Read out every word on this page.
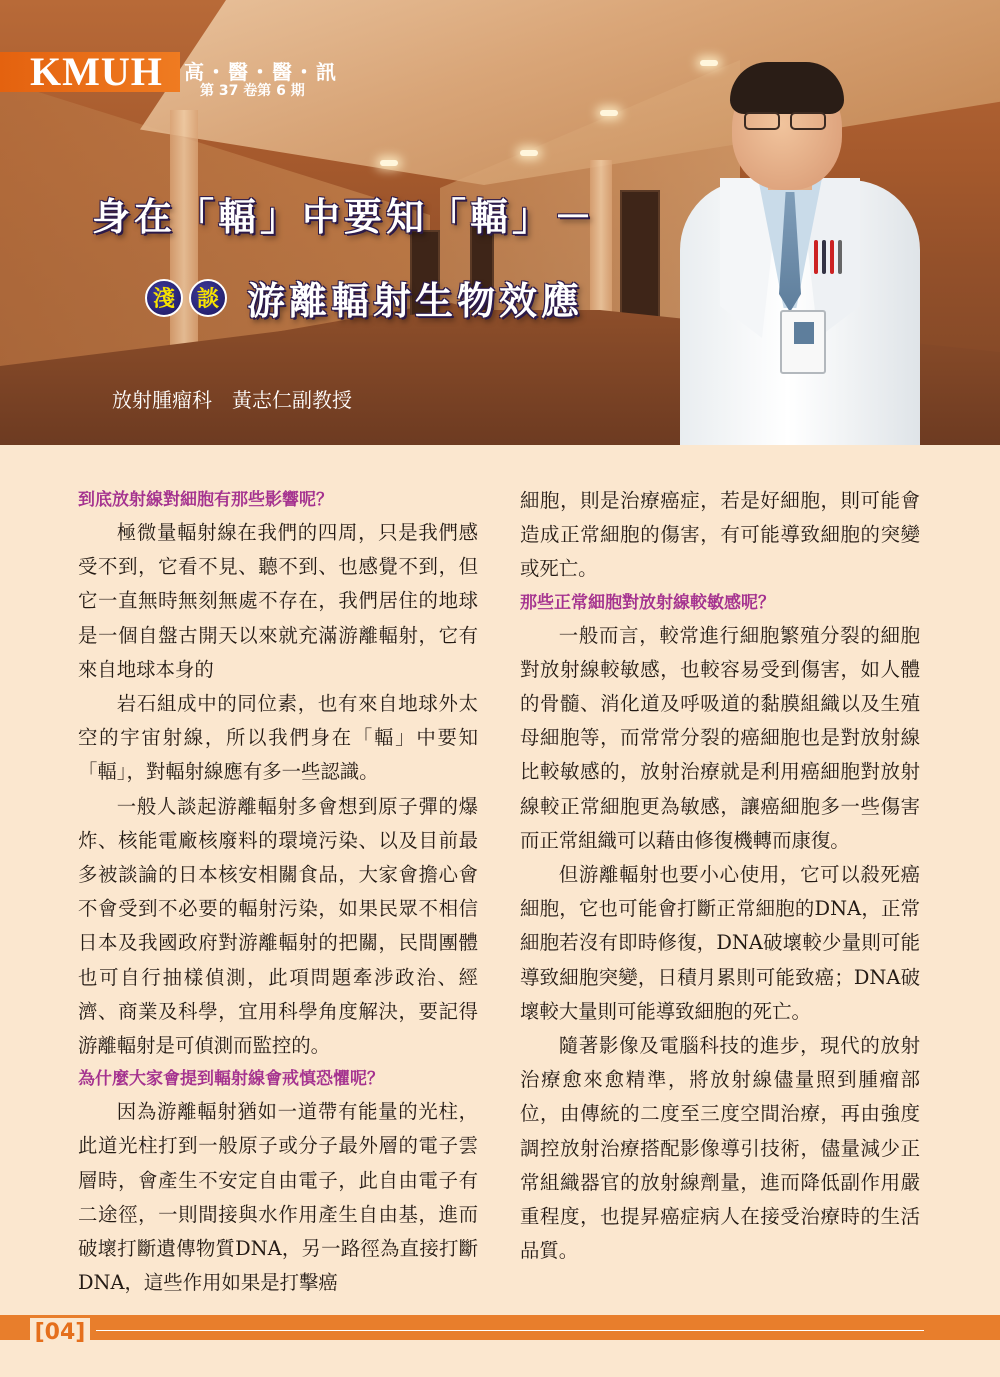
KMUH 高・醫・醫・訊
第 37 卷第 6 期
身在「輻」中要知「輻」－
淺 談 游離輻射生物效應
放射腫瘤科　黃志仁副教授
到底放射線對細胞有那些影響呢？

極微量輻射線在我們的四周，只是我們感受不到，它看不見、聽不到、也感覺不到，但它一直無時無刻無處不存在，我們居住的地球是一個自盤古開天以來就充滿游離輻射，它有來自地球本身的

岩石組成中的同位素，也有來自地球外太空的宇宙射線，所以我們身在「輻」中要知「輻」，對輻射線應有多一些認識。

一般人談起游離輻射多會想到原子彈的爆炸、核能電廠核廢料的環境污染、以及目前最多被談論的日本核安相關食品，大家會擔心會不會受到不必要的輻射污染，如果民眾不相信日本及我國政府對游離輻射的把關，民間團體也可自行抽樣偵測，此項問題牽涉政治、經濟、商業及科學，宜用科學角度解決，要記得游離輻射是可偵測而監控的。

為什麼大家會提到輻射線會戒慎恐懼呢？

因為游離輻射猶如一道帶有能量的光柱，此道光柱打到一般原子或分子最外層的電子雲層時，會產生不安定自由電子，此自由電子有二途徑，一則間接與水作用產生自由基，進而破壞打斷遺傳物質DNA，另一路徑為直接打斷DNA，這些作用如果是打擊癌

細胞，則是治療癌症，若是好細胞，則可能會造成正常細胞的傷害，有可能導致細胞的突變或死亡。

那些正常細胞對放射線較敏感呢？

一般而言，較常進行細胞繁殖分裂的細胞對放射線較敏感，也較容易受到傷害，如人體的骨髓、消化道及呼吸道的黏膜組織以及生殖母細胞等，而常常分裂的癌細胞也是對放射線比較敏感的，放射治療就是利用癌細胞對放射線較正常細胞更為敏感，讓癌細胞多一些傷害而正常組織可以藉由修復機轉而康復。

但游離輻射也要小心使用，它可以殺死癌細胞，它也可能會打斷正常細胞的DNA，正常細胞若沒有即時修復，DNA破壞較少量則可能導致細胞突變，日積月累則可能致癌；DNA破壞較大量則可能導致細胞的死亡。

隨著影像及電腦科技的進步，現代的放射治療愈來愈精準，將放射線儘量照到腫瘤部位，由傳統的二度至三度空間治療，再由強度調控放射治療搭配影像導引技術，儘量減少正常組織器官的放射線劑量，進而降低副作用嚴重程度，也提昇癌症病人在接受治療時的生活品質。

[04]
